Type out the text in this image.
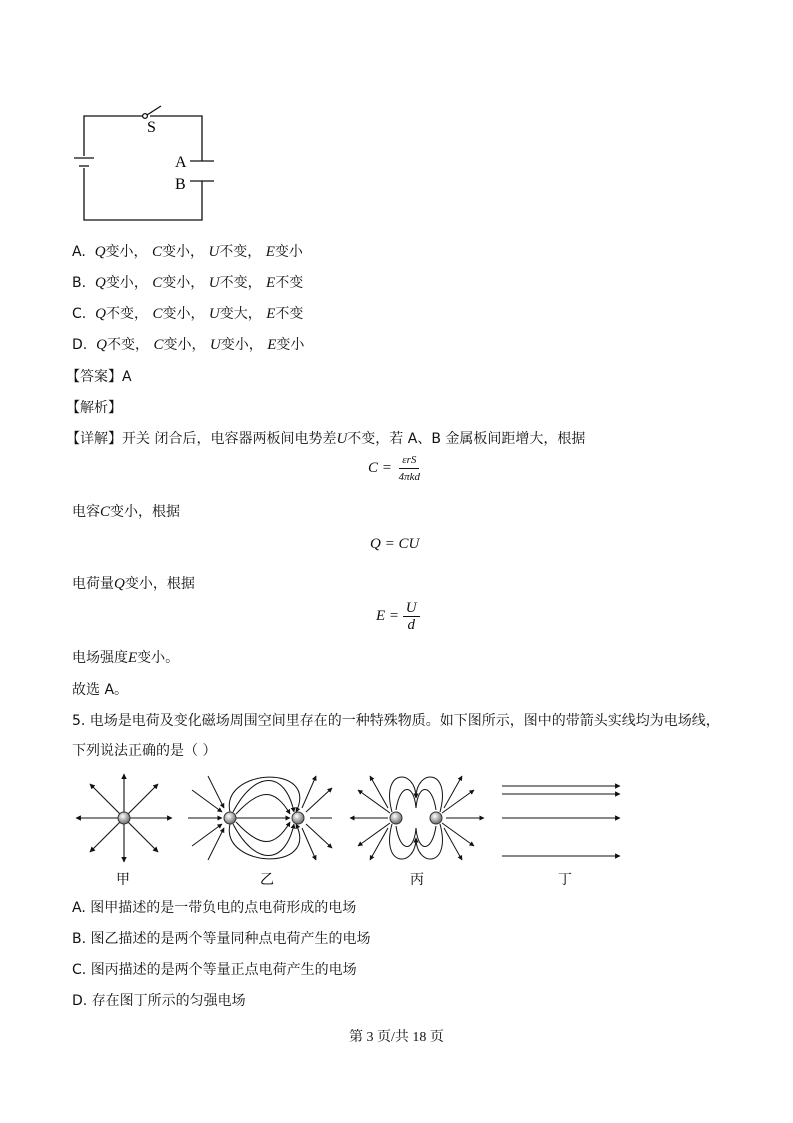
S
A
B
A. Q变小， C变小， U不变， E变小
B. Q变小， C变小， U不变， E不变
C. Q不变， C变小， U变大， E不变
D. Q不变， C变小， U变小， E变小
【答案】A
【解析】
【详解】开关 闭合后，电容器两板间电势差U不变，若 A、B 金属板间距增大，根据
$C = \frac{\text{εrS}}{\text{4πkd}}$
电容C变小，根据
Q = CU
电荷量Q变小，根据
$E = \frac{U}{d}$
电场强度E变小。
故选 A。
5. 电场是电荷及变化磁场周围空间里存在的一种特殊物质。如下图所示，图中的带箭头实线均为电场线，
下列说法正确的是（ ）
甲	乙	丙	丁
A. 图甲描述的是一带负电的点电荷形成的电场
B. 图乙描述的是两个等量同种点电荷产生的电场
C. 图丙描述的是两个等量正点电荷产生的电场
D. 存在图丁所示的匀强电场
第 3 页/共 18 页
